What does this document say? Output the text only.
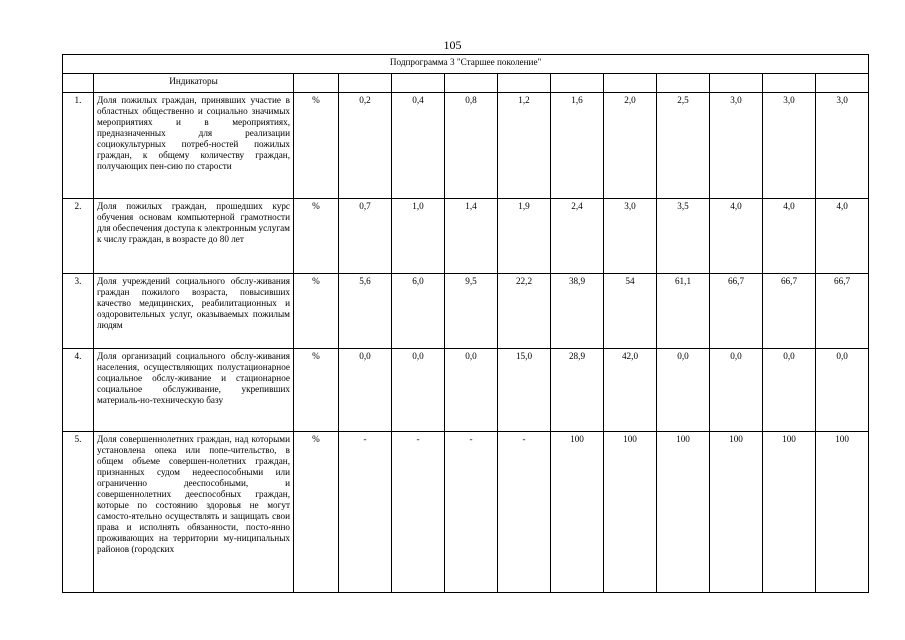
105
Подпрограмма 3 "Старшее поколение"												
	Индикаторы											
1.	Доля пожилых граждан, принявших участие в областных общественно и социально значимых мероприятиях и в мероприятиях, предназначенных для реализации социокультурных потреб-ностей пожилых граждан, к общему количеству граждан, получающих пен-сию по старости	%	0,2	0,4	0,8	1,2	1,6	2,0	2,5	3,0	3,0	3,0
2.	Доля пожилых граждан, прошедших курс обучения основам компьютерной грамотности для обеспечения доступа к электронным услугам к числу граждан, в возрасте до 80 лет	%	0,7	1,0	1,4	1,9	2,4	3,0	3,5	4,0	4,0	4,0
3.	Доля учреждений социального обслу-живания граждан пожилого возраста, повысивших качество медицинских, реабилитационных и оздоровительных услуг, оказываемых пожилым людям	%	5,6	6,0	9,5	22,2	38,9	54	61,1	66,7	66,7	66,7
4.	Доля организаций социального обслу-живания населения, осуществляющих полустационарное социальное обслу-живание и стационарное социальное обслуживание, укрепивших материаль-но-техническую базу	%	0,0	0,0	0,0	15,0	28,9	42,0	0,0	0,0	0,0	0,0
5.	Доля совершеннолетних граждан, над которыми установлена опека или попе-чительство, в общем объеме совершен-нолетних граждан, признанных судом недееспособными или ограниченно дееспособными, и совершеннолетних дееспособных граждан, которые по состоянию здоровья не могут самосто-ятельно осуществлять и защищать свои права и исполнять обязанности, посто-янно проживающих на территории му-ниципальных районов (городских	%	-	-	-	-	100	100	100	100	100	100
